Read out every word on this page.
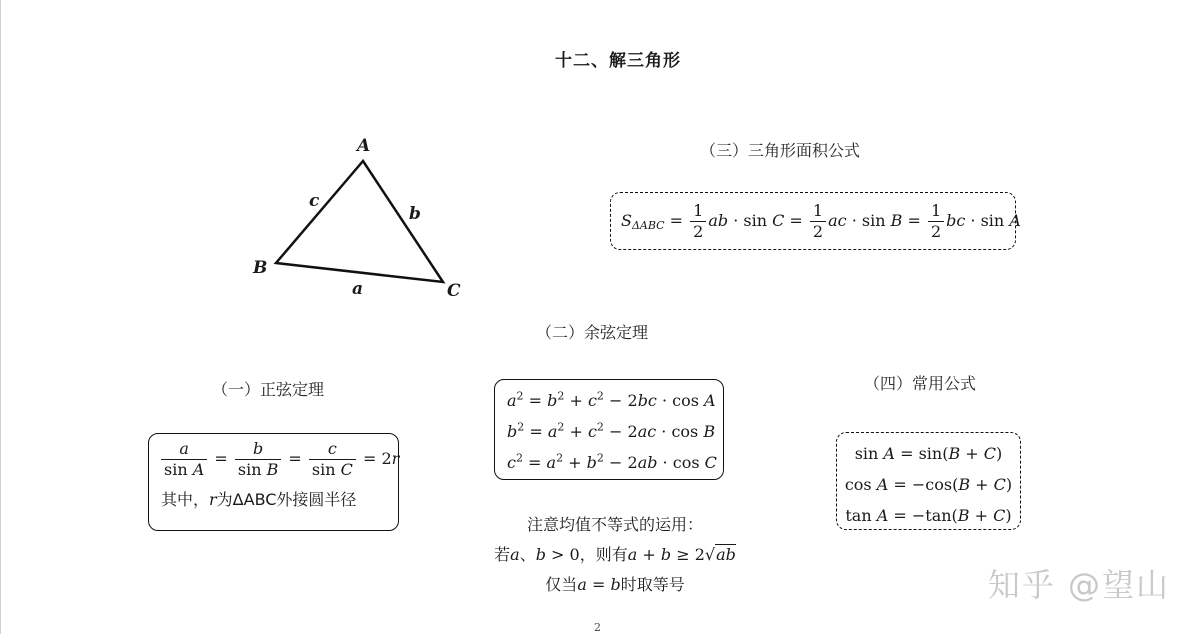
十二、解三角形
A
B
C
c
b
a
（三）三角形面积公式
$S_{\Delta ABC} = \frac{1}{2}$ ab · $\sin C = \frac{1}{2}$ ac · $\sin B = \frac{1}{2}$ bc · sin A
（二）余弦定理
$a^2 = b^2 + c^2 - 2bc \cdot \cos A$
$b^2 = a^2 + c^2 - 2ac \cdot \cos B$
$c^2 = a^2 + b^2 - 2ab \cdot \cos C$
（一）正弦定理
$\frac{a}{\text{sin A}} = \frac{b}{\text{sin B}} = \frac{c}{\text{sin C}} = 2r$
其中，r为ΔABC外接圆半径
（四）常用公式
sin A = sin(B + C)
cos A = −cos(B + C)
tan A = −tan(B + C)
注意均值不等式的运用：
若a、b > 0，则有a + b ≥ 2√ab
仅当a = b时取等号	知乎 @望山
2
